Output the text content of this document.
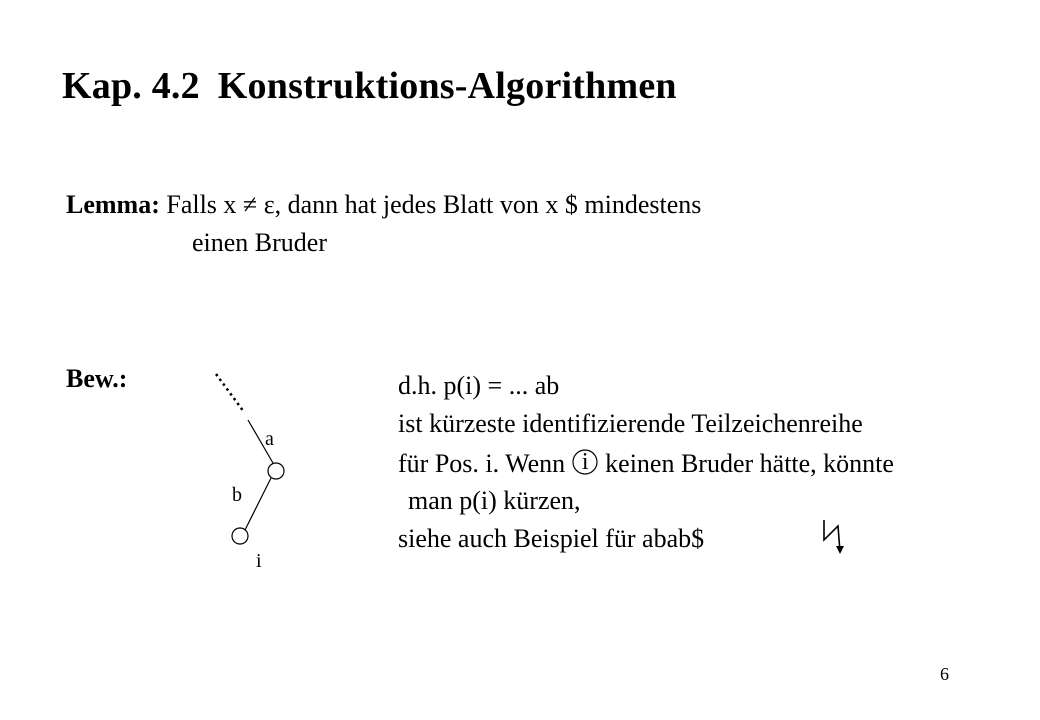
Kap. 4.2 Konstruktions-Algorithmen
Lemma: Falls x ≠ ε, dann hat jedes Blatt von x $ mindestens
einen Bruder
Bew.:
a
b
i
d.h. p(i) = ... ab
ist kürzeste identifizierende Teilzeichenreihe
für Pos. i. Wenn i keinen Bruder hätte, könnte
man p(i) kürzen,
siehe auch Beispiel für abab$
6
